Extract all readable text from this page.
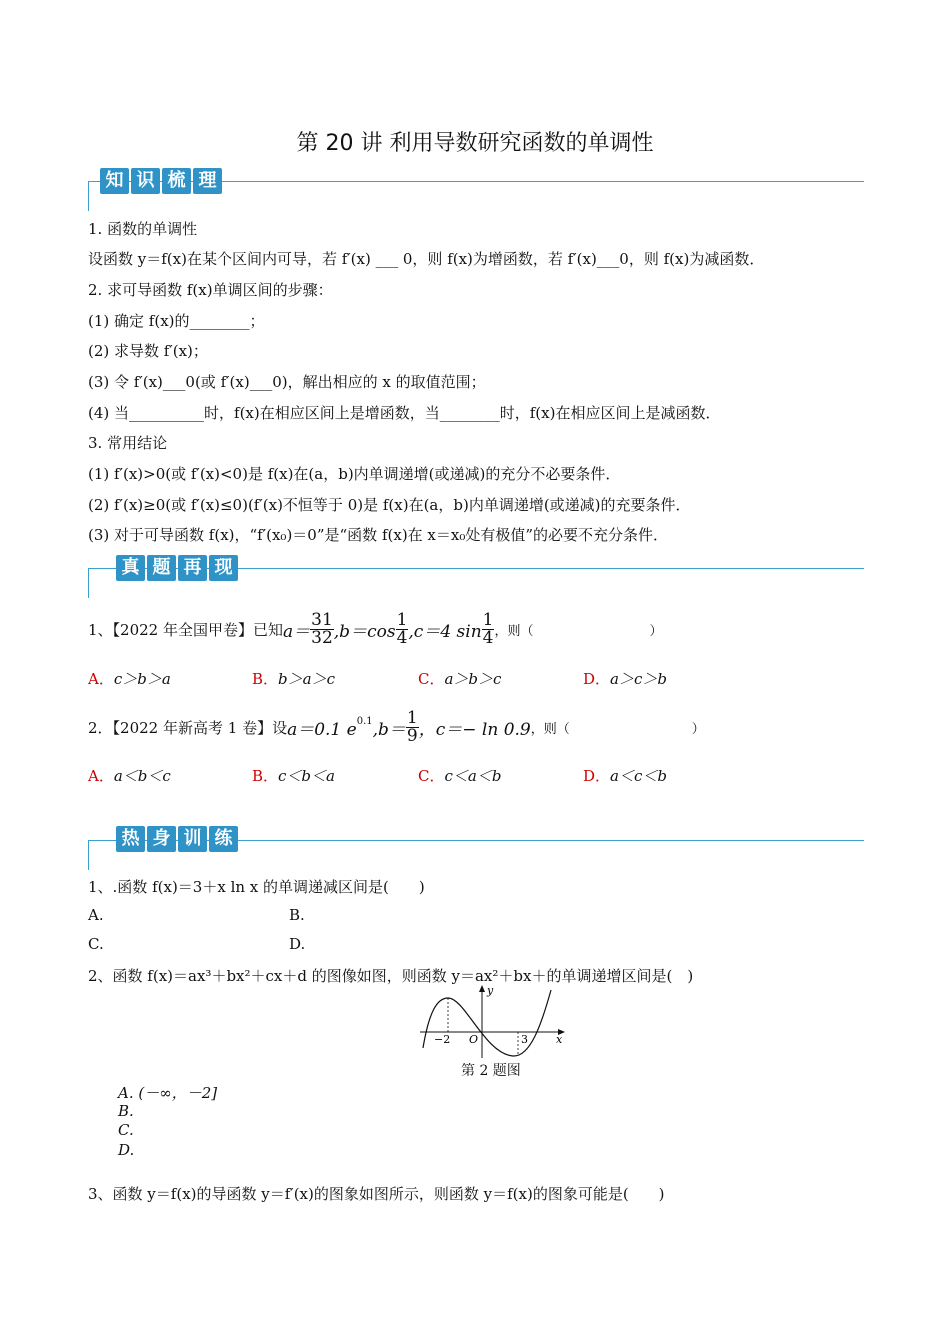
第 20 讲 利用导数研究函数的单调性
知 识 梳 理
1. 函数的单调性
设函数 y＝f(x)在某个区间内可导，若 f′(x) ___ 0，则 f(x)为增函数，若 f′(x)___0，则 f(x)为减函数．
2. 求可导函数 f(x)单调区间的步骤：
(1) 确定 f(x)的________；
(2) 求导数 f′(x)；
(3) 令 f′(x)___0(或 f′(x)___0)，解出相应的 x 的取值范围；
(4) 当__________时，f(x)在相应区间上是增函数，当________时，f(x)在相应区间上是减函数．
3. 常用结论
(1) f′(x)>0(或 f′(x)<0)是 f(x)在(a，b)内单调递增(或递减)的充分不必要条件．
(2) f′(x)≥0(或 f′(x)≤0)(f′(x)不恒等于 0)是 f(x)在(a，b)内单调递增(或递减)的充要条件．
(3) 对于可导函数 f(x)，“f′(x₀)＝0”是“函数 f(x)在 x＝x₀处有极值”的必要不充分条件．
真 题 再 现
1、【2022 年全国甲卷】已知 $a= \frac{31}{32} ,b=\cos \frac{1}{4} ,c=4$ $\sin \frac{1}{4}$ ，则（	）
A．c＞b＞a	B．b＞a＞c	C．a＞b＞c	D．a＞c＞b
2．【2022 年新高考 1 卷】设 a＝0.1 $e^{0.1}$ $,b= \frac{1}{9}$ ，c＝− ln 0.9 ，则（	）
A．a＜b＜c	B．c＜b＜a	C．c＜a＜b	D．a＜c＜b
热 身 训 练
1、.函数 f(x)＝3＋x ln x 的单调递减区间是(　　)
A.	B.
C.	D.
2、函数 f(x)＝ax³＋bx²＋cx＋d 的图像如图，则函数 y＝ax²＋bx＋的单调递增区间是(　)
y
x
O
−2	3
第 2 题图
A. (－∞，－2]
B.
C.
D.
3、函数 y＝f(x)的导函数 y＝f′(x)的图象如图所示，则函数 y＝f(x)的图象可能是(　　)
